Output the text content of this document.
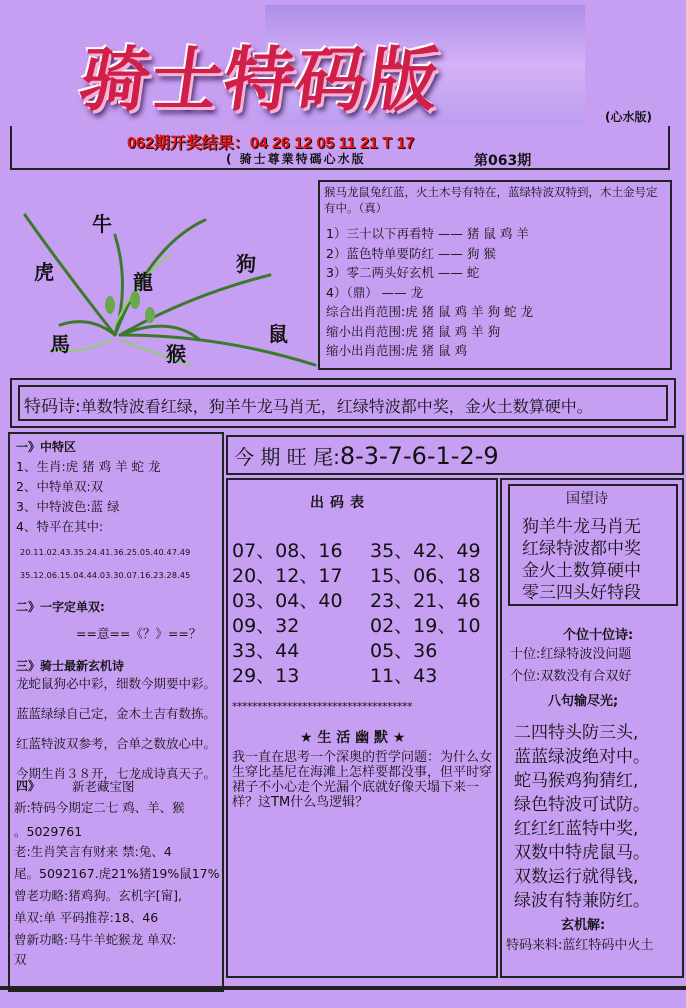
骑士特码版	(心水版)
062期开奖结果：04 26 12 05 11 21 T 17
( 骑士尊業特碼心水版	第063期
牛
虎	龍
狗
馬	猴
鼠
猴马龙鼠兔红蓝，火土木号有特在，蓝绿特波双特到，木土金号定有中。（真）
1）三十以下再看特 —— 猪 鼠 鸡 羊
2）蓝色特单要防红 —— 狗 猴
3）零二两头好玄机 —— 蛇
4）（鼎） —— 龙
综合出肖范围:虎 猪 鼠 鸡 羊 狗 蛇 龙
缩小出肖范围:虎 猪 鼠 鸡 羊 狗
缩小出肖范围:虎 猪 鼠 鸡
特码诗:单数特波看红绿，狗羊牛龙马肖无，红绿特波都中奖，金火土数算硬中。
一》中特区
1、生肖:虎 猪 鸡 羊 蛇 龙
2、中特单双:双
3、中特波色:蓝 绿
4、特平在其中:
20.11.02.43.35.24.41.36.25.05.40.47.49
35.12.06.15.04.44.03.30.07.16.23.28.45
二》一字定单双:
==意==《？》==？
三》骑士最新玄机诗
龙蛇鼠狗必中彩，细数今期要中彩。
蓝蓝绿绿自己定，金木土吉有数拣。
红蓝特波双参考，合单之数放心中。
今期生肖３８开，七龙成诗真天子。
四》	新老藏宝图
新:特码今期定二七 鸡、羊、猴
。5029761
老:生肖笑言有财来 禁:兔、4
尾。5092167.虎21%猪19%鼠17%
曾老功略:猪鸡狗。玄机字[甯],
单双:单 平码推荐:18、46
曾新功略:马牛羊蛇猴龙 单双:
双
今 期 旺 尾:8-3-7-6-1-2-9
出码表
07、08、16 35、42、49
20、12、17 15、06、18
03、04、40 23、21、46
09、32	02、19、10
33、44	05、36
29、13	11、43
************************************
★ 生 活 幽 默 ★
我一直在思考一个深奥的哲学问题：为什么女生穿比基尼在海滩上怎样要都没事，但平时穿裙子不小心走个光漏个底就好像天塌下来一样？这TM什么鸟逻辑？
国望诗
狗羊牛龙马肖无
红绿特波都中奖
金火土数算硬中
零三四头好特段
个位十位诗:
十位:红绿特波没问题
个位:双数没有合双好
八句输尽光;
二四特头防三头,
蓝蓝绿波绝对中。
蛇马猴鸡狗猜红,
绿色特波可试防。
红红红蓝特中奖,
双数中特虎鼠马。
双数运行就得钱,
绿波有特兼防红。
玄机解:
特码来料:蓝红特码中火土
